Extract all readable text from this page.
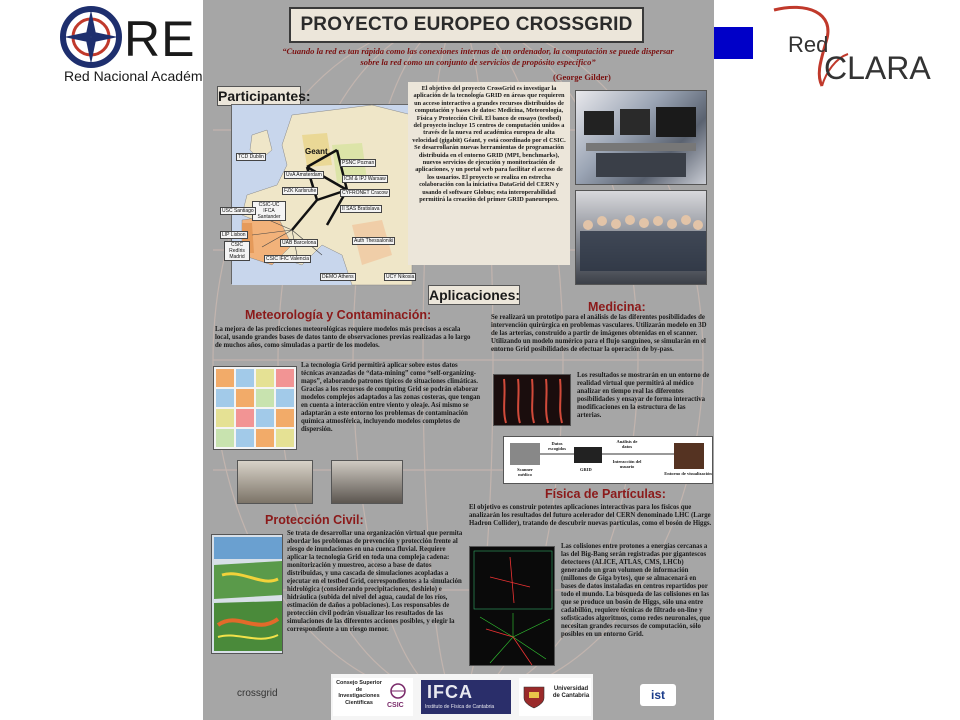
RE
Red Nacional Académ
Red
CLARA
PROYECTO EUROPEO CROSSGRID
“Cuando la red es tan rápida como las conexiones internas de un ordenador, la computación se puede dispersar sobre la red como un conjunto de servicios de propósito específico”
(George Gilder)
Participantes:
Geant
TCD Dublin
UvA Amsterdam
PSNC Poznan
ICM & IPJ Warsaw
FZK Karlsruhe	CYFRONET Cracow
II SAS Bratislava
CSIC-UC IFCA Santander
USC Santiago
LIP Lisbon
UAB Barcelona	Auth Thessaloniki
CSIC RedIris Madrid	CSIC IFIC Valencia
DEMO Athens	UCY Nikosia

El objetivo del proyecto CrossGrid es investigar la aplicación de la tecnología GRID en áreas que requieren un acceso interactivo a grandes recursos distribuidos de computación y bases de datos: Medicina, Meteorología, Física y Protección Civil. El banco de ensayo (testbed) del proyecto incluye 15 centros de computación unidos a través de la nueva red académica europea de alta velocidad (gigabit) Géant, y está coordinado por el CSIC. Se desarrollarán nuevas herramientas de programación distribuida en el entorno GRID (MPI, benchmarks), nuevos servicios de ejecución y monitorización de aplicaciones, y un portal web para facilitar el acceso de los usuarios. El proyecto se realiza en estrecha colaboración con la iniciativa DataGrid del CERN y usando el software Globus; esta interoperabilidad permitirá la creación del primer GRID paneuropeo.

Aplicaciones:
Meteorología y Contaminación:
La mejora de las predicciones meteorológicas requiere modelos más precisos a escala local, usando grandes bases de datos tanto de observaciones previas realizadas a lo largo de muchos años, como simuladas a partir de los modelos.
La tecnología Grid permitirá aplicar sobre estos datos técnicas avanzadas de “data-mining” como “self-organizing-maps”, elaborando patrones típicos de situaciones climáticas. Gracias a los recursos de computing Grid se podrán elaborar modelos complejos adaptados a las zonas costeras, que tengan en cuenta a interacción entre viento y oleaje. Así mismo se adaptarán a este entorno los problemas de contaminación química atmosférica, incluyendo modelos completos de dispersión.
Medicina:
Se realizará un prototipo para el análisis de las diferentes posibilidades de intervención quirúrgica en problemas vasculares. Utilizarán modelo en 3D de las arterias, construido a partir de imágenes obtenidas en el scanner. Utilizando un modelo numérico para el flujo sanguíneo, se simularán en el entorno Grid posibilidades de efectuar la operación de by-pass.
Los resultados se mostrarán en un entorno de realidad virtual que permitirá al médico analizar en tiempo real las diferentes posibilidades y ensayar de forma interactiva modificaciones en la estructura de las arterias.
Scanner médico
GRID
Datos escogidos
Análisis de datos
Interacción del usuario
Entorno de visualización
Física de Partículas:
El objetivo es construir potentes aplicaciones interactivas para los físicos que analizarán los resultados del futuro acelerador del CERN denominado LHC (Large Hadron Collider), tratando de descubrir nuevas partículas, como el bosón de Higgs.
Las colisiones entre protones a energías cercanas a las del Big-Bang serán registradas por gigantescos detectores (ALICE, ATLAS, CMS, LHCb) generando un gran volumen de información (millones de Giga bytes), que se almacenará en bases de datos instaladas en centros repartidos por todo el mundo. La búsqueda de las colisiones en las que se produce un bosón de Higgs, sólo una entre cadabillón, requiere técnicas de filtrado on-line y sofisticados algoritmos, como redes neuronales, que necesitan grandes recursos de computación, sólo posibles en un entorno Grid.
Protección Civil:
Se trata de desarrollar una organización virtual que permita abordar los problemas de prevención y protección frente al riesgo de inundaciones en una cuenca fluvial. Requiere aplicar la tecnología Grid en toda una compleja cadena: monitorización y muestreo, acceso a base de datos distribuidas, y una cascada de simulaciones acopladas a ejecutar en el testbed Grid, correspondientes a la simulación hidrológica (considerando precipitaciones, deshielo) e hidráulica (subida del nivel del agua, caudal de los ríos, estimación de daños a poblaciones). Los responsables de protección civil podrán visualizar los resultados de las simulaciones de las diferentes acciones posibles, y elegir la correspondiente a un riesgo menor.
crossgrid
Consejo Superior de Investigaciones Científicas	CSIC
IFCA
Instituto de Física de Cantabria
Universidad de Cantabria	ist
